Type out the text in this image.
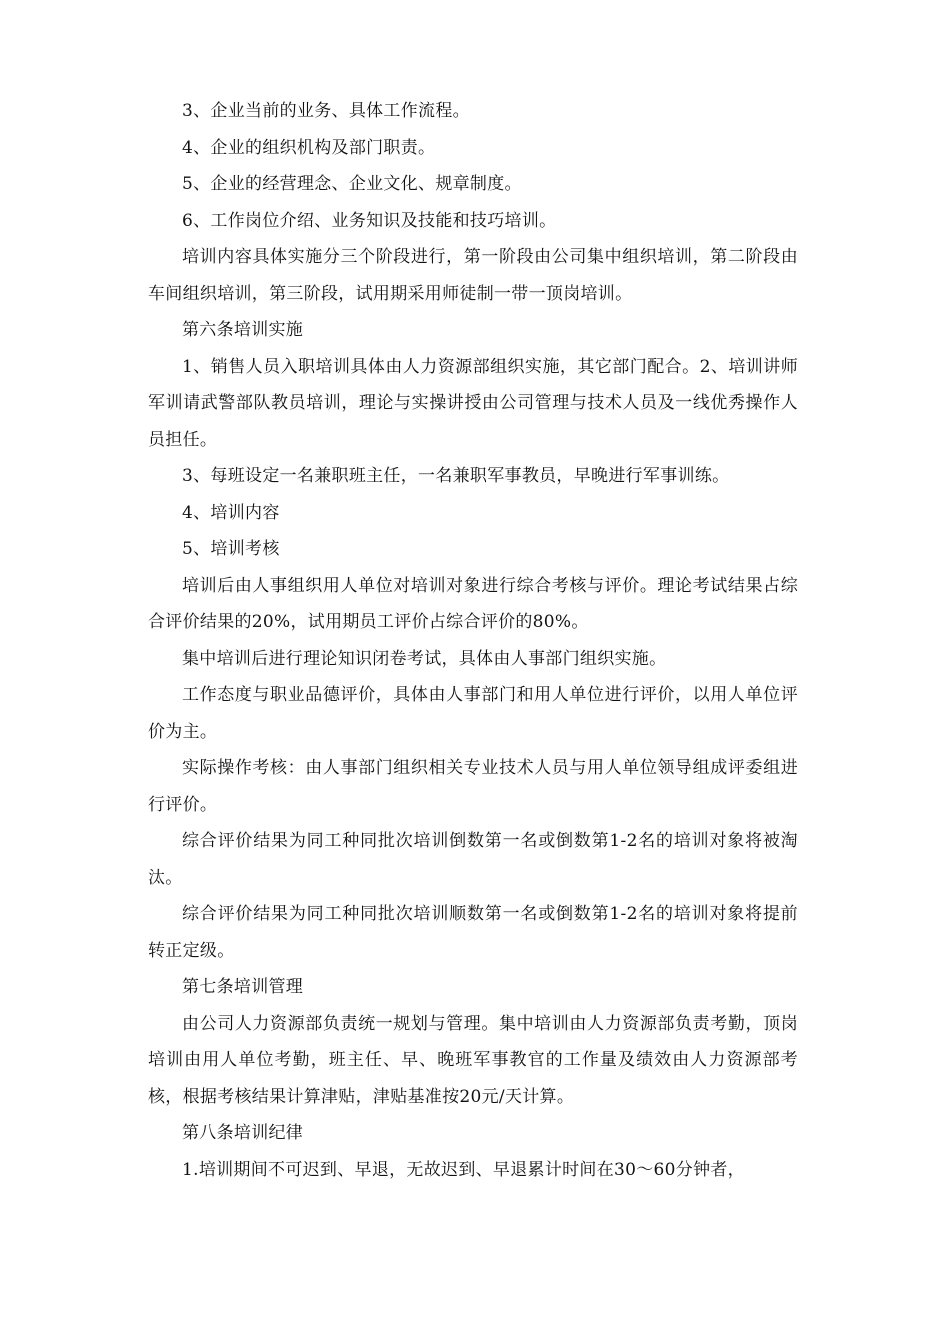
3、企业当前的业务、具体工作流程。

4、企业的组织机构及部门职责。

5、企业的经营理念、企业文化、规章制度。

6、工作岗位介绍、业务知识及技能和技巧培训。

培训内容具体实施分三个阶段进行，第一阶段由公司集中组织培训，第二阶段由车间组织培训，第三阶段，试用期采用师徒制一带一顶岗培训。

第六条培训实施

1、销售人员入职培训具体由人力资源部组织实施，其它部门配合。2、培训讲师军训请武警部队教员培训，理论与实操讲授由公司管理与技术人员及一线优秀操作人员担任。

3、每班设定一名兼职班主任，一名兼职军事教员，早晚进行军事训练。

4、培训内容

5、培训考核

培训后由人事组织用人单位对培训对象进行综合考核与评价。理论考试结果占综合评价结果的20%，试用期员工评价占综合评价的80%。

集中培训后进行理论知识闭卷考试，具体由人事部门组织实施。

工作态度与职业品德评价，具体由人事部门和用人单位进行评价，以用人单位评价为主。

实际操作考核：由人事部门组织相关专业技术人员与用人单位领导组成评委组进行评价。

综合评价结果为同工种同批次培训倒数第一名或倒数第1-2名的培训对象将被淘汰。

综合评价结果为同工种同批次培训顺数第一名或倒数第1-2名的培训对象将提前转正定级。

第七条培训管理

由公司人力资源部负责统一规划与管理。集中培训由人力资源部负责考勤，顶岗培训由用人单位考勤，班主任、早、晚班军事教官的工作量及绩效由人力资源部考核，根据考核结果计算津贴，津贴基准按20元/天计算。

第八条培训纪律

1.培训期间不可迟到、早退，无故迟到、早退累计时间在30～60分钟者，
